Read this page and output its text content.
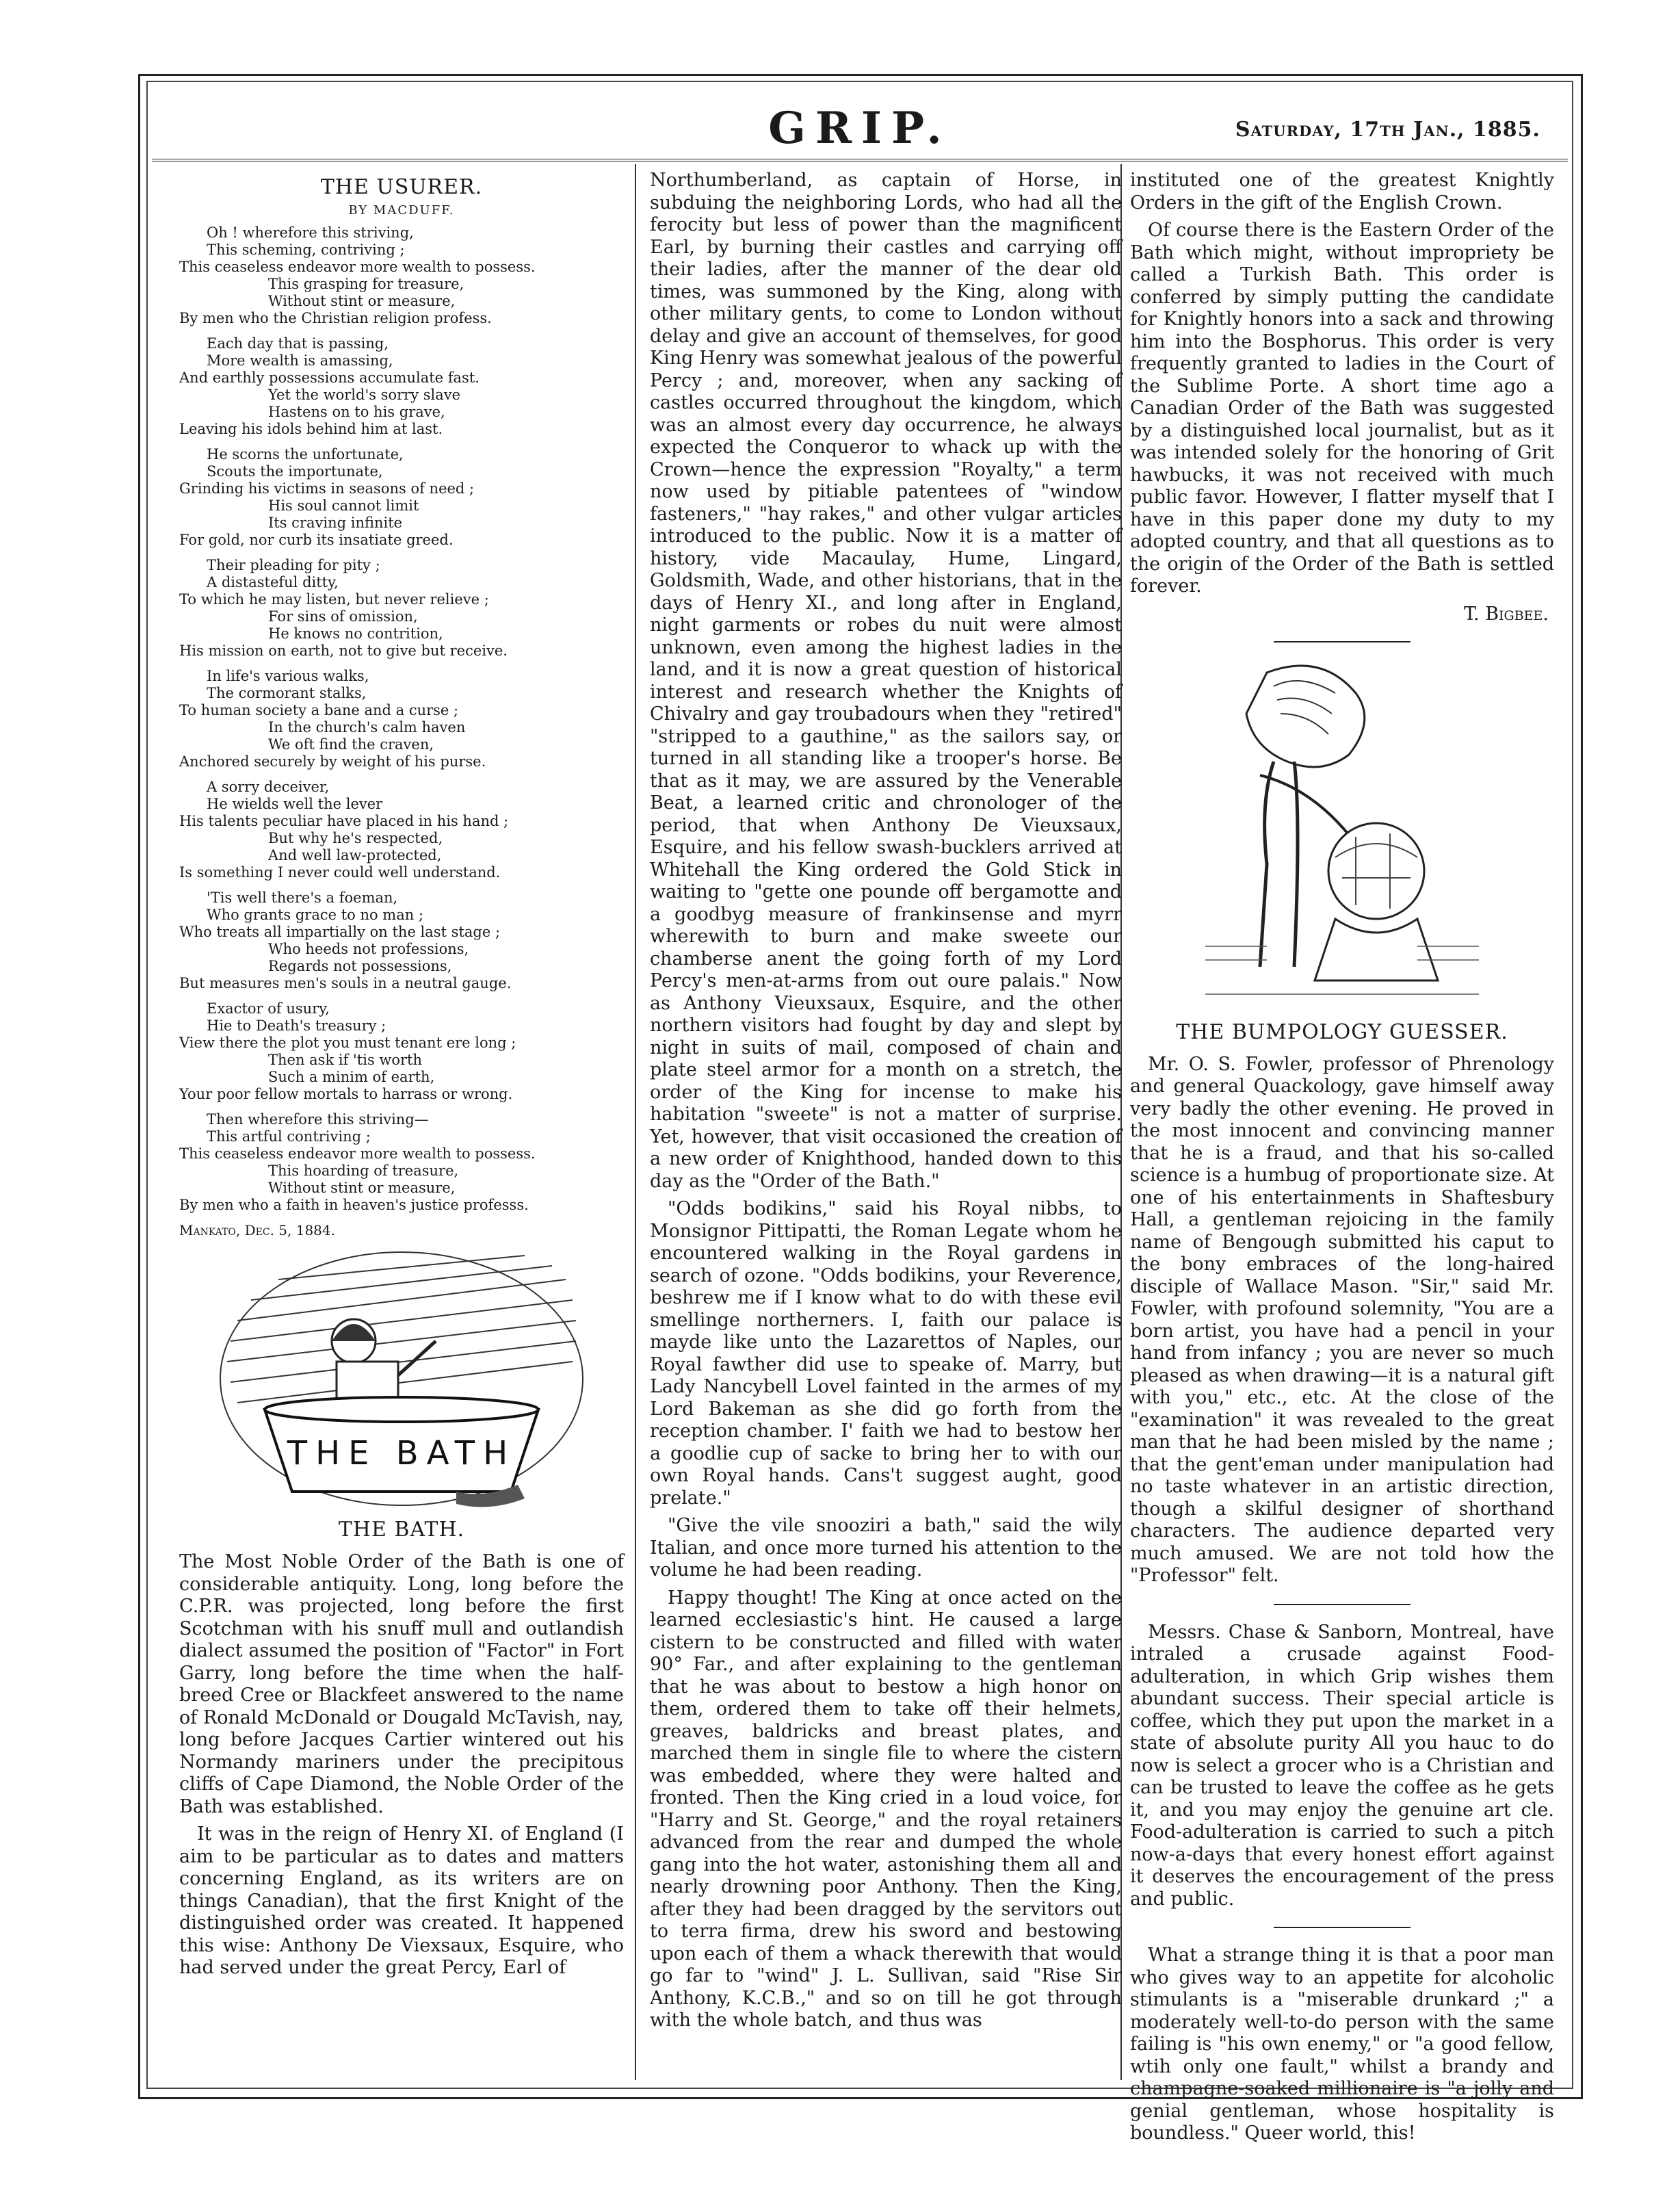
GRIP.	Saturday, 17th Jan., 1885.
THE USURER.
BY MACDUFF.

Oh ! wherefore this striving,

This scheming, contriving ;

This ceaseless endeavor more wealth to possess.

This grasping for treasure,

Without stint or measure,

By men who the Christian religion profess.

Each day that is passing,

More wealth is amassing,

And earthly possessions accumulate fast.

Yet the world's sorry slave

Hastens on to his grave,

Leaving his idols behind him at last.

He scorns the unfortunate,

Scouts the importunate,

Grinding his victims in seasons of need ;

His soul cannot limit

Its craving infinite

For gold, nor curb its insatiate greed.

Their pleading for pity ;

A distasteful ditty,

To which he may listen, but never relieve ;

For sins of omission,

He knows no contrition,

His mission on earth, not to give but receive.

In life's various walks,

The cormorant stalks,

To human society a bane and a curse ;

In the church's calm haven

We oft find the craven,

Anchored securely by weight of his purse.

A sorry deceiver,

He wields well the lever

His talents peculiar have placed in his hand ;

But why he's respected,

And well law-protected,

Is something I never could well understand.

'Tis well there's a foeman,

Who grants grace to no man ;

Who treats all impartially on the last stage ;

Who heeds not professions,

Regards not possessions,

But measures men's souls in a neutral gauge.

Exactor of usury,

Hie to Death's treasury ;

View there the plot you must tenant ere long ;

Then ask if 'tis worth

Such a minim of earth,

Your poor fellow mortals to harrass or wrong.

Then wherefore this striving—

This artful contriving ;

This ceaseless endeavor more wealth to possess.

This hoarding of treasure,

Without stint or measure,

By men who a faith in heaven's justice professs.

Mankato, Dec. 5, 1884.
THE BATH
THE BATH.

The Most Noble Order of the Bath is one of considerable antiquity. Long, long before the C.P.R. was projected, long before the first Scotchman with his snuff mull and outlandish dialect assumed the position of "Factor" in Fort Garry, long before the time when the half-breed Cree or Blackfeet answered to the name of Ronald McDonald or Dougald McTavish, nay, long before Jacques Cartier wintered out his Normandy mariners under the precipitous cliffs of Cape Diamond, the Noble Order of the Bath was established.

It was in the reign of Henry XI. of England (I aim to be particular as to dates and matters concerning England, as its writers are on things Canadian), that the first Knight of the distinguished order was created. It happened this wise: Anthony De Viexsaux, Esquire, who had served under the great Percy, Earl of

Northumberland, as captain of Horse, in subduing the neighboring Lords, who had all the ferocity but less of power than the magnificent Earl, by burning their castles and carrying off their ladies, after the manner of the dear old times, was summoned by the King, along with other military gents, to come to London without delay and give an account of themselves, for good King Henry was somewhat jealous of the powerful Percy ; and, moreover, when any sacking of castles occurred throughout the kingdom, which was an almost every day occurrence, he always expected the Conqueror to whack up with the Crown—hence the expression "Royalty," a term now used by pitiable patentees of "window fasteners," "hay rakes," and other vulgar articles introduced to the public. Now it is a matter of history, vide Macaulay, Hume, Lingard, Goldsmith, Wade, and other historians, that in the days of Henry XI., and long after in England, night garments or robes du nuit were almost unknown, even among the highest ladies in the land, and it is now a great question of historical interest and research whether the Knights of Chivalry and gay troubadours when they "retired" "stripped to a gauthine," as the sailors say, or turned in all standing like a trooper's horse. Be that as it may, we are assured by the Venerable Beat, a learned critic and chronologer of the period, that when Anthony De Vieuxsaux, Esquire, and his fellow swash-bucklers arrived at Whitehall the King ordered the Gold Stick in waiting to "gette one pounde off bergamotte and a goodbyg measure of frankinsense and myrr wherewith to burn and make sweete our chamberse anent the going forth of my Lord Percy's men-at-arms from out oure palais." Now as Anthony Vieuxsaux, Esquire, and the other northern visitors had fought by day and slept by night in suits of mail, composed of chain and plate steel armor for a month on a stretch, the order of the King for incense to make his habitation "sweete" is not a matter of surprise. Yet, however, that visit occasioned the creation of a new order of Knighthood, handed down to this day as the "Order of the Bath."

"Odds bodikins," said his Royal nibbs, to Monsignor Pittipatti, the Roman Legate whom he encountered walking in the Royal gardens in search of ozone. "Odds bodikins, your Reverence, beshrew me if I know what to do with these evil smellinge northerners. I, faith our palace is mayde like unto the Lazarettos of Naples, our Royal fawther did use to speake of. Marry, but Lady Nancybell Lovel fainted in the armes of my Lord Bakeman as she did go forth from the reception chamber. I' faith we had to bestow her a goodlie cup of sacke to bring her to with our own Royal hands. Cans't suggest aught, good prelate."

"Give the vile snooziri a bath," said the wily Italian, and once more turned his attention to the volume he had been reading.

Happy thought! The King at once acted on the learned ecclesiastic's hint. He caused a large cistern to be constructed and filled with water 90° Far., and after explaining to the gentleman that he was about to bestow a high honor on them, ordered them to take off their helmets, greaves, baldricks and breast plates, and marched them in single file to where the cistern was embedded, where they were halted and fronted. Then the King cried in a loud voice, for "Harry and St. George," and the royal retainers advanced from the rear and dumped the whole gang into the hot water, astonishing them all and nearly drowning poor Anthony. Then the King, after they had been dragged by the servitors out to terra firma, drew his sword and bestowing upon each of them a whack therewith that would go far to "wind" J. L. Sullivan, said "Rise Sir Anthony, K.C.B.," and so on till he got through with the whole batch, and thus was

instituted one of the greatest Knightly Orders in the gift of the English Crown.

Of course there is the Eastern Order of the Bath which might, without impropriety be called a Turkish Bath. This order is conferred by simply putting the candidate for Knightly honors into a sack and throwing him into the Bosphorus. This order is very frequently granted to ladies in the Court of the Sublime Porte. A short time ago a Canadian Order of the Bath was suggested by a distinguished local journalist, but as it was intended solely for the honoring of Grit hawbucks, it was not received with much public favor. However, I flatter myself that I have in this paper done my duty to my adopted country, and that all questions as to the origin of the Order of the Bath is settled forever.

T. Bigbee.
THE BUMPOLOGY GUESSER.

Mr. O. S. Fowler, professor of Phrenology and general Quackology, gave himself away very badly the other evening. He proved in the most innocent and convincing manner that he is a fraud, and that his so-called science is a humbug of proportionate size. At one of his entertainments in Shaftesbury Hall, a gentleman rejoicing in the family name of Bengough submitted his caput to the bony embraces of the long-haired disciple of Wallace Mason. "Sir," said Mr. Fowler, with profound solemnity, "You are a born artist, you have had a pencil in your hand from infancy ; you are never so much pleased as when drawing—it is a natural gift with you," etc., etc. At the close of the "examination" it was revealed to the great man that he had been misled by the name ; that the gent'eman under manipulation had no taste whatever in an artistic direction, though a skilful designer of shorthand characters. The audience departed very much amused. We are not told how the "Professor" felt.

Messrs. Chase & Sanborn, Montreal, have intraled a crusade against Food-adulteration, in which Grip wishes them abundant success. Their special article is coffee, which they put upon the market in a state of absolute purity All you hauc to do now is select a grocer who is a Christian and can be trusted to leave the coffee as he gets it, and you may enjoy the genuine art cle. Food-adulteration is carried to such a pitch now-a-days that every honest effort against it deserves the encouragement of the press and public.

What a strange thing it is that a poor man who gives way to an appetite for alcoholic stimulants is a "miserable drunkard ;" a moderately well-to-do person with the same failing is "his own enemy," or "a good fellow, wtih only one fault," whilst a brandy and champagne-soaked millionaire is "a jolly and genial gentleman, whose hospitality is boundless." Queer world, this!
